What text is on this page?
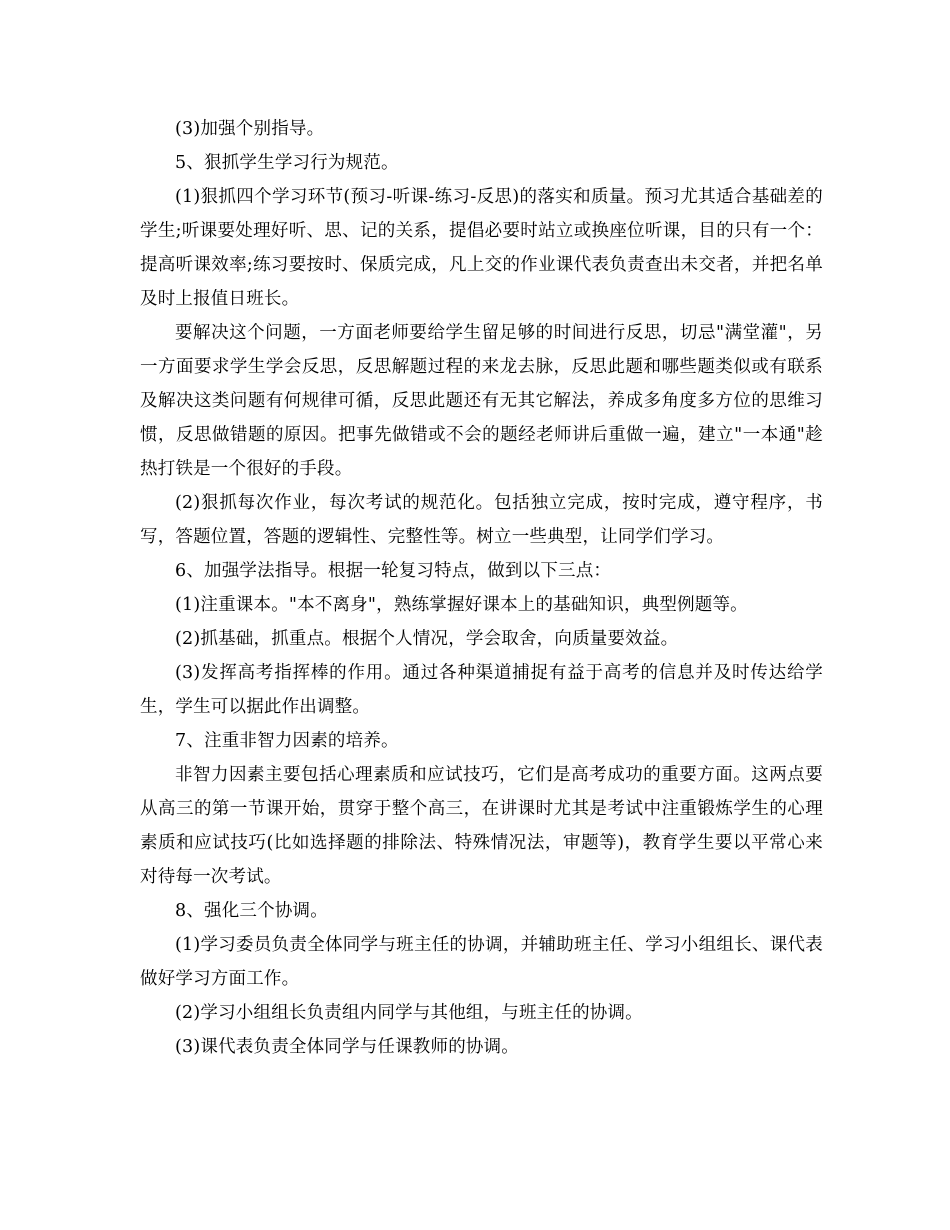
(3)加强个别指导。

5、狠抓学生学习行为规范。

(1)狠抓四个学习环节(预习-听课-练习-反思)的落实和质量。预习尤其适合基础差的学生;听课要处理好听、思、记的关系，提倡必要时站立或换座位听课，目的只有一个：提高听课效率;练习要按时、保质完成，凡上交的作业课代表负责查出未交者，并把名单及时上报值日班长。

要解决这个问题，一方面老师要给学生留足够的时间进行反思，切忌"满堂灌"，另一方面要求学生学会反思，反思解题过程的来龙去脉，反思此题和哪些题类似或有联系及解决这类问题有何规律可循，反思此题还有无其它解法，养成多角度多方位的思维习惯，反思做错题的原因。把事先做错或不会的题经老师讲后重做一遍，建立"一本通"趁热打铁是一个很好的手段。

(2)狠抓每次作业，每次考试的规范化。包括独立完成，按时完成，遵守程序，书写，答题位置，答题的逻辑性、完整性等。树立一些典型，让同学们学习。

6、加强学法指导。根据一轮复习特点，做到以下三点：

(1)注重课本。"本不离身"，熟练掌握好课本上的基础知识，典型例题等。

(2)抓基础，抓重点。根据个人情况，学会取舍，向质量要效益。

(3)发挥高考指挥棒的作用。通过各种渠道捕捉有益于高考的信息并及时传达给学生，学生可以据此作出调整。

7、注重非智力因素的培养。

非智力因素主要包括心理素质和应试技巧，它们是高考成功的重要方面。这两点要从高三的第一节课开始，贯穿于整个高三，在讲课时尤其是考试中注重锻炼学生的心理素质和应试技巧(比如选择题的排除法、特殊情况法，审题等)，教育学生要以平常心来对待每一次考试。

8、强化三个协调。

(1)学习委员负责全体同学与班主任的协调，并辅助班主任、学习小组组长、课代表做好学习方面工作。

(2)学习小组组长负责组内同学与其他组，与班主任的协调。

(3)课代表负责全体同学与任课教师的协调。
